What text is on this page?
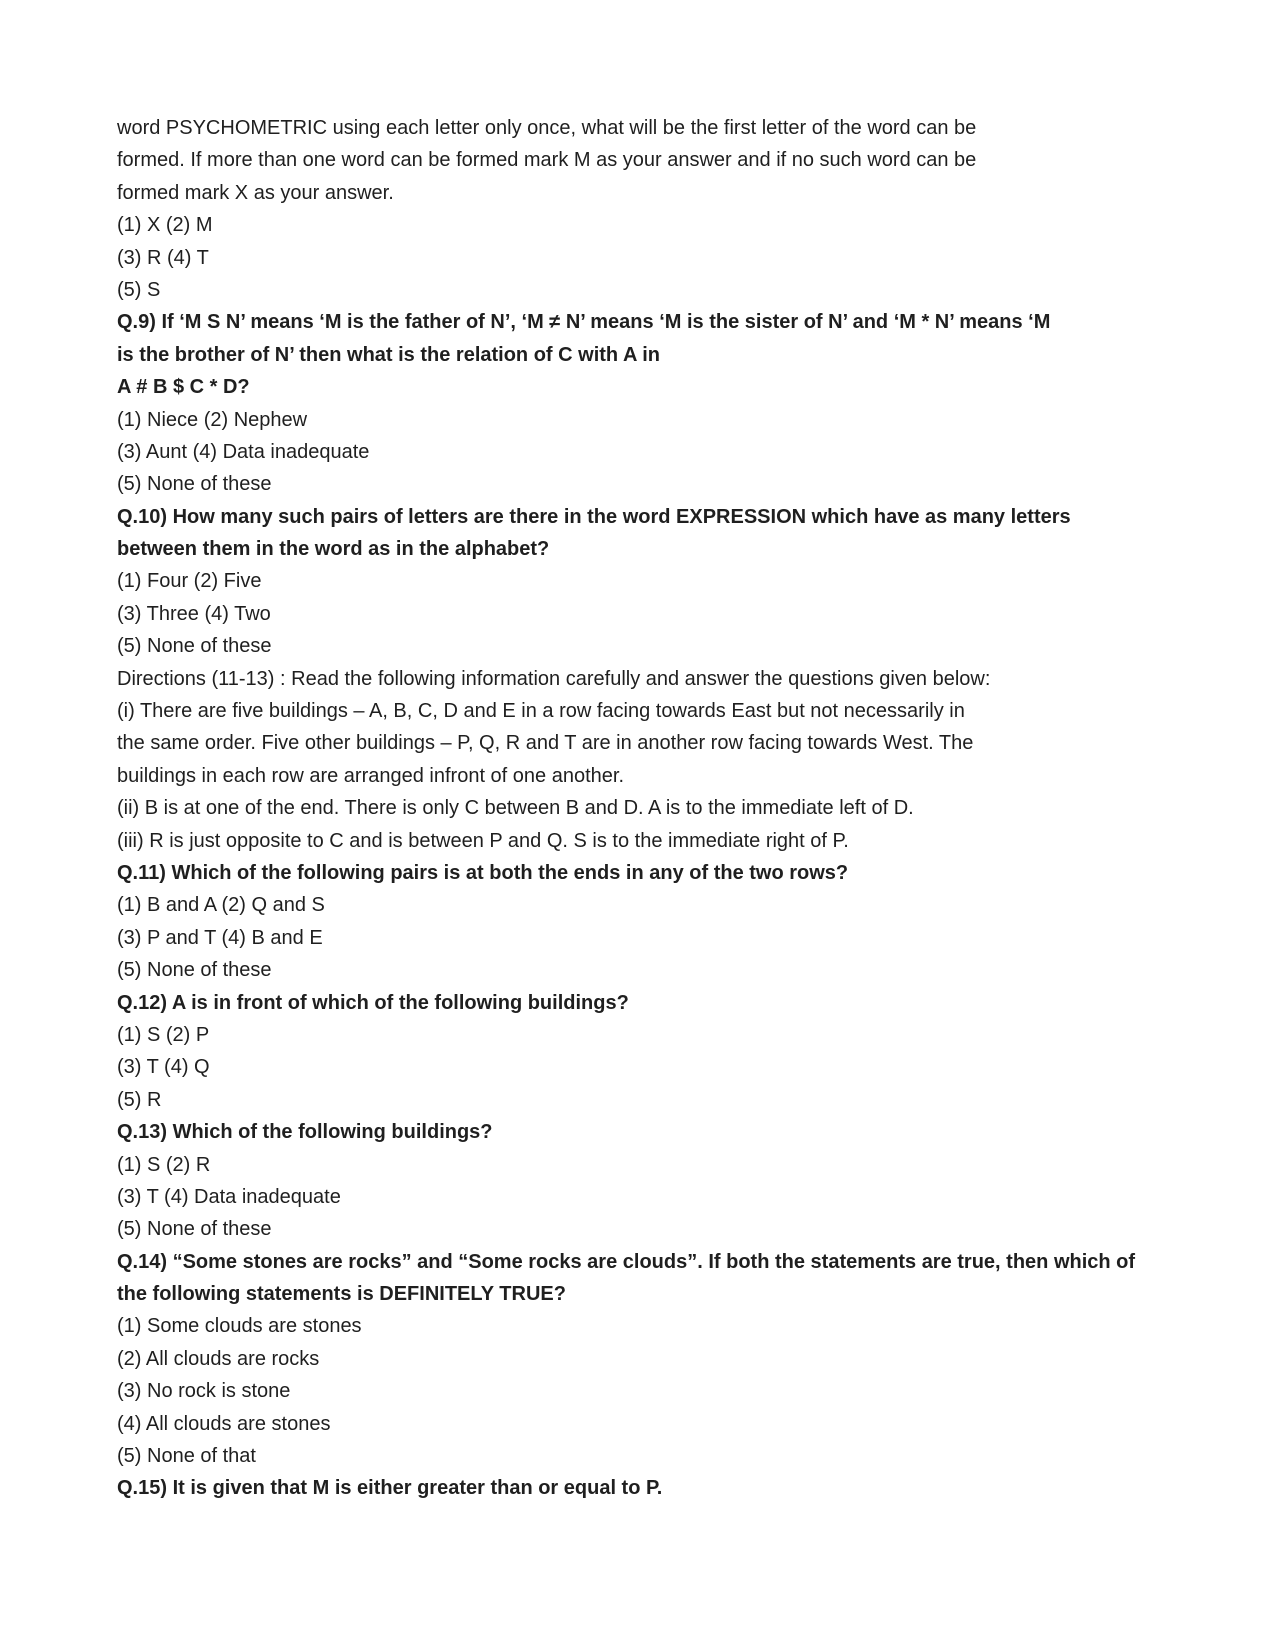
word PSYCHOMETRIC using each letter only once, what will be the first letter of the word can be
formed. If more than one word can be formed mark M as your answer and if no such word can be
formed mark X as your answer.
(1) X (2) M
(3) R (4) T
(5) S
Q.9) If ‘M S N’ means ‘M is the father of N’, ‘M ≠ N’ means ‘M is the sister of N’ and ‘M * N’ means ‘M
is the brother of N’ then what is the relation of C with A in
A # B $ C * D?
(1) Niece (2) Nephew
(3) Aunt (4) Data inadequate
(5) None of these
Q.10) How many such pairs of letters are there in the word EXPRESSION which have as many letters
between them in the word as in the alphabet?
(1) Four (2) Five
(3) Three (4) Two
(5) None of these
Directions (11-13) : Read the following information carefully and answer the questions given below:
(i) There are five buildings – A, B, C, D and E in a row facing towards East but not necessarily in
the same order. Five other buildings – P, Q, R and T are in another row facing towards West. The
buildings in each row are arranged infront of one another.
(ii) B is at one of the end. There is only C between B and D. A is to the immediate left of D.
(iii) R is just opposite to C and is between P and Q. S is to the immediate right of P.
Q.11) Which of the following pairs is at both the ends in any of the two rows?
(1) B and A (2) Q and S
(3) P and T (4) B and E
(5) None of these
Q.12) A is in front of which of the following buildings?
(1) S (2) P
(3) T (4) Q
(5) R
Q.13) Which of the following buildings?
(1) S (2) R
(3) T (4) Data inadequate
(5) None of these
Q.14) “Some stones are rocks” and “Some rocks are clouds”. If both the statements are true, then which of
the following statements is DEFINITELY TRUE?
(1) Some clouds are stones
(2) All clouds are rocks
(3) No rock is stone
(4) All clouds are stones
(5) None of that
Q.15) It is given that M is either greater than or equal to P.
